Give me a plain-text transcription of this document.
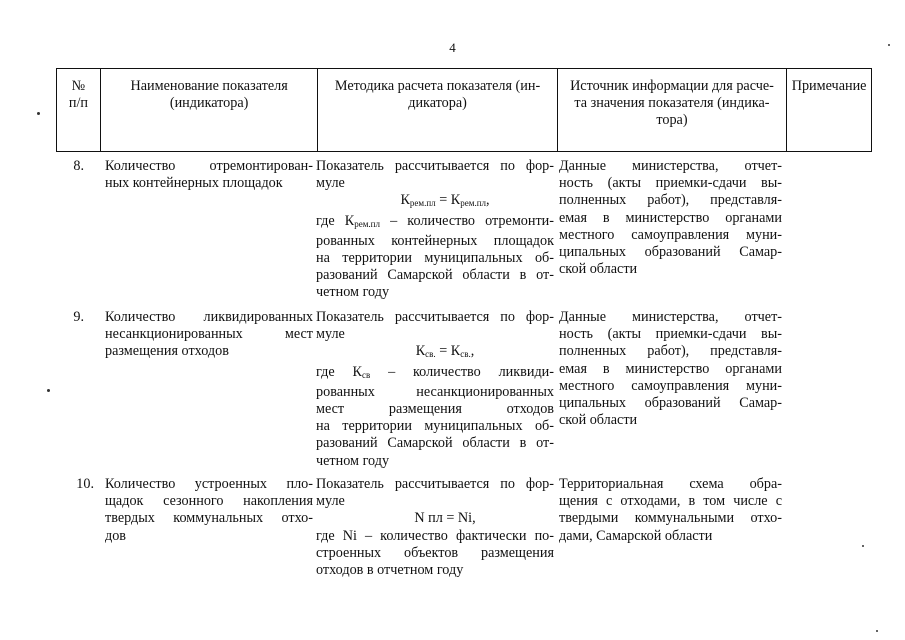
4
№
п/п
Наименование показателя
(индикатора)
Методика расчета показателя (ин-
дикатора)
Источник информации для расче-
та значения показателя (индика-
тора)
Примечание
8. Количество отремонтирован-
ных контейнерных площадок
Показатель рассчитывается по фор-
муле
$К_{рем.пл} = К_{рем.пл}$,
где $К_{рем.пл}$ – количество отремонти-
рованных контейнерных площадок
на территории муниципальных об-
разований Самарской области в от-
четном году
Данные министерства, отчет-
ность (акты приемки-сдачи вы-
полненных работ), представля-
емая в министерство органами
местного самоуправления муни-
ципальных образований Самар-
ской области
9. Количество ликвидированных
несанкционированных мест
размещения отходов
Показатель рассчитывается по фор-
муле
$К_{св.} = К_{св.}$,
где $К_{св}$ – количество ликвиди-
рованных несанкционированных
мест размещения отходов
на территории муниципальных об-
разований Самарской области в от-
четном году
Данные министерства, отчет-
ность (акты приемки-сдачи вы-
полненных работ), представля-
емая в министерство органами
местного самоуправления муни-
ципальных образований Самар-
ской области
10. Количество устроенных пло-
щадок сезонного накопления
твердых коммунальных отхо-
дов
Показатель рассчитывается по фор-
муле
N пл = Ni,
где Ni – количество фактически по-
строенных объектов размещения
отходов в отчетном году
Территориальная схема обра-
щения с отходами, в том числе с
твердыми коммунальными отхо-
дами, Самарской области
